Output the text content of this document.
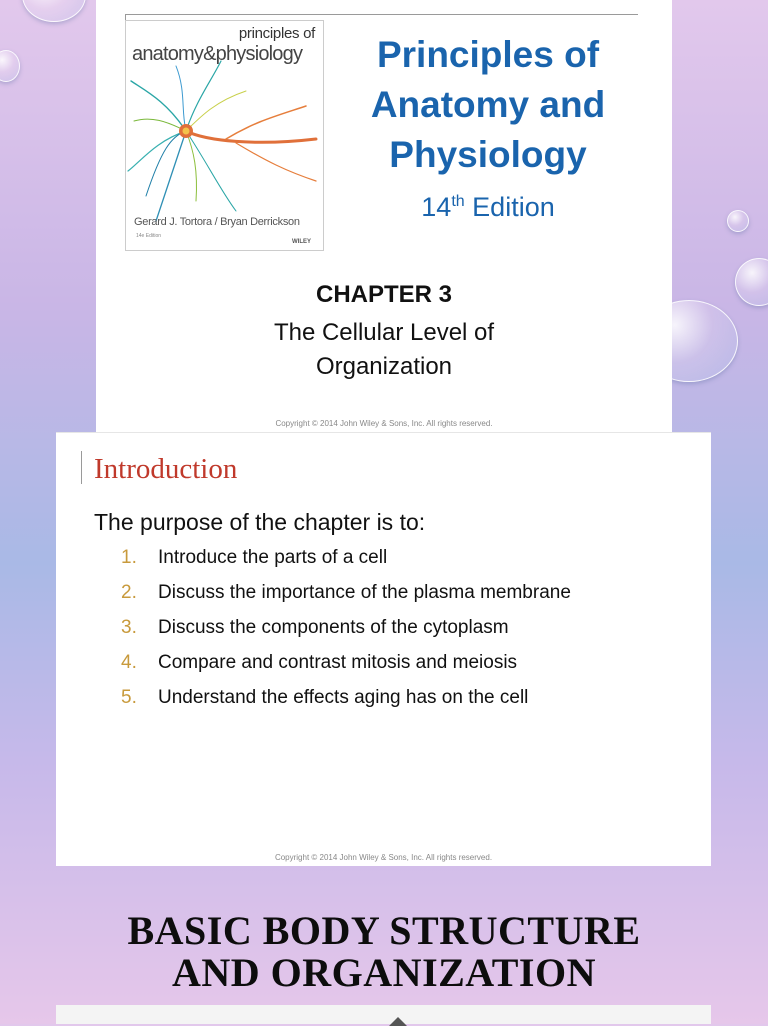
principles of
anatomy&physiology
Gerard J. Tortora / Bryan Derrickson
14e Edition
WILEY
Principles of
Anatomy and
Physiology
14th Edition
CHAPTER 3
The Cellular Level of
Organization
Copyright © 2014 John Wiley & Sons, Inc. All rights reserved.
Introduction
The purpose of the chapter is to:
1. Introduce the parts of a cell
2. Discuss the importance of the plasma membrane
3. Discuss the components of the cytoplasm
4. Compare and contrast mitosis and meiosis
5. Understand the effects aging has on the cell
Copyright © 2014 John Wiley & Sons, Inc. All rights reserved.
BASIC BODY STRUCTURE
AND ORGANIZATION
